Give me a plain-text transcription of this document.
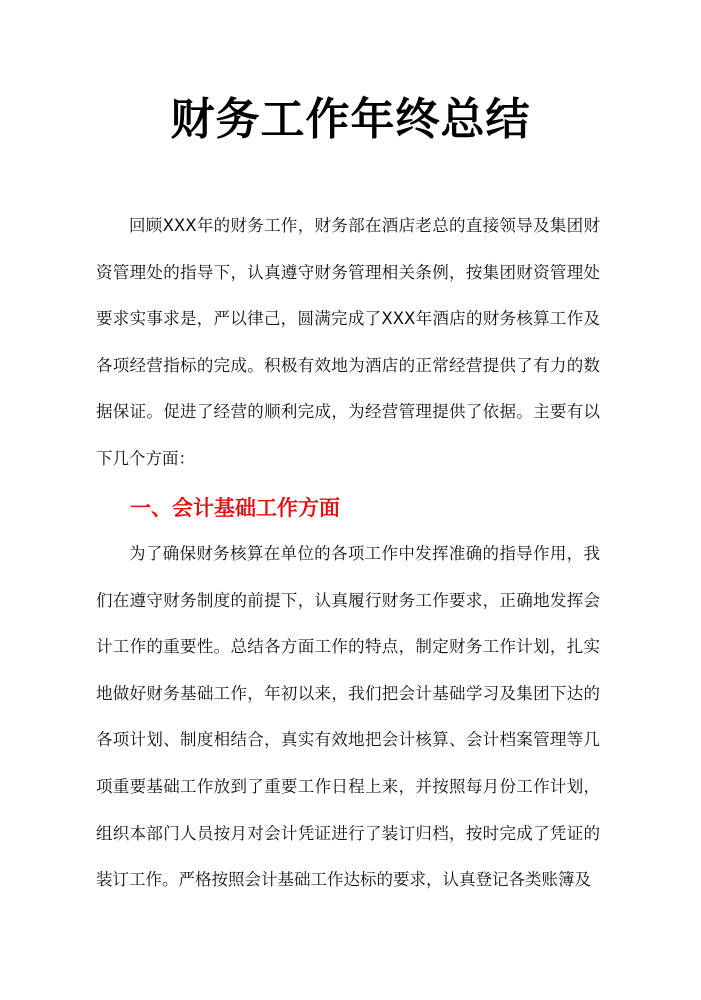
财务工作年终总结
回顾XXX年的财务工作，财务部在酒店老总的直接领导及集团财资管理处的指导下，认真遵守财务管理相关条例，按集团财资管理处要求实事求是，严以律己，圆满完成了XXX年酒店的财务核算工作及各项经营指标的完成。积极有效地为酒店的正常经营提供了有力的数据保证。促进了经营的顺利完成，为经营管理提供了依据。主要有以下几个方面：
一、会计基础工作方面
为了确保财务核算在单位的各项工作中发挥准确的指导作用，我们在遵守财务制度的前提下，认真履行财务工作要求，正确地发挥会计工作的重要性。总结各方面工作的特点，制定财务工作计划，扎实地做好财务基础工作，年初以来，我们把会计基础学习及集团下达的各项计划、制度相结合，真实有效地把会计核算、会计档案管理等几项重要基础工作放到了重要工作日程上来，并按照每月份工作计划，组织本部门人员按月对会计凭证进行了装订归档，按时完成了凭证的装订工作。严格按照会计基础工作达标的要求，认真登记各类账簿及
